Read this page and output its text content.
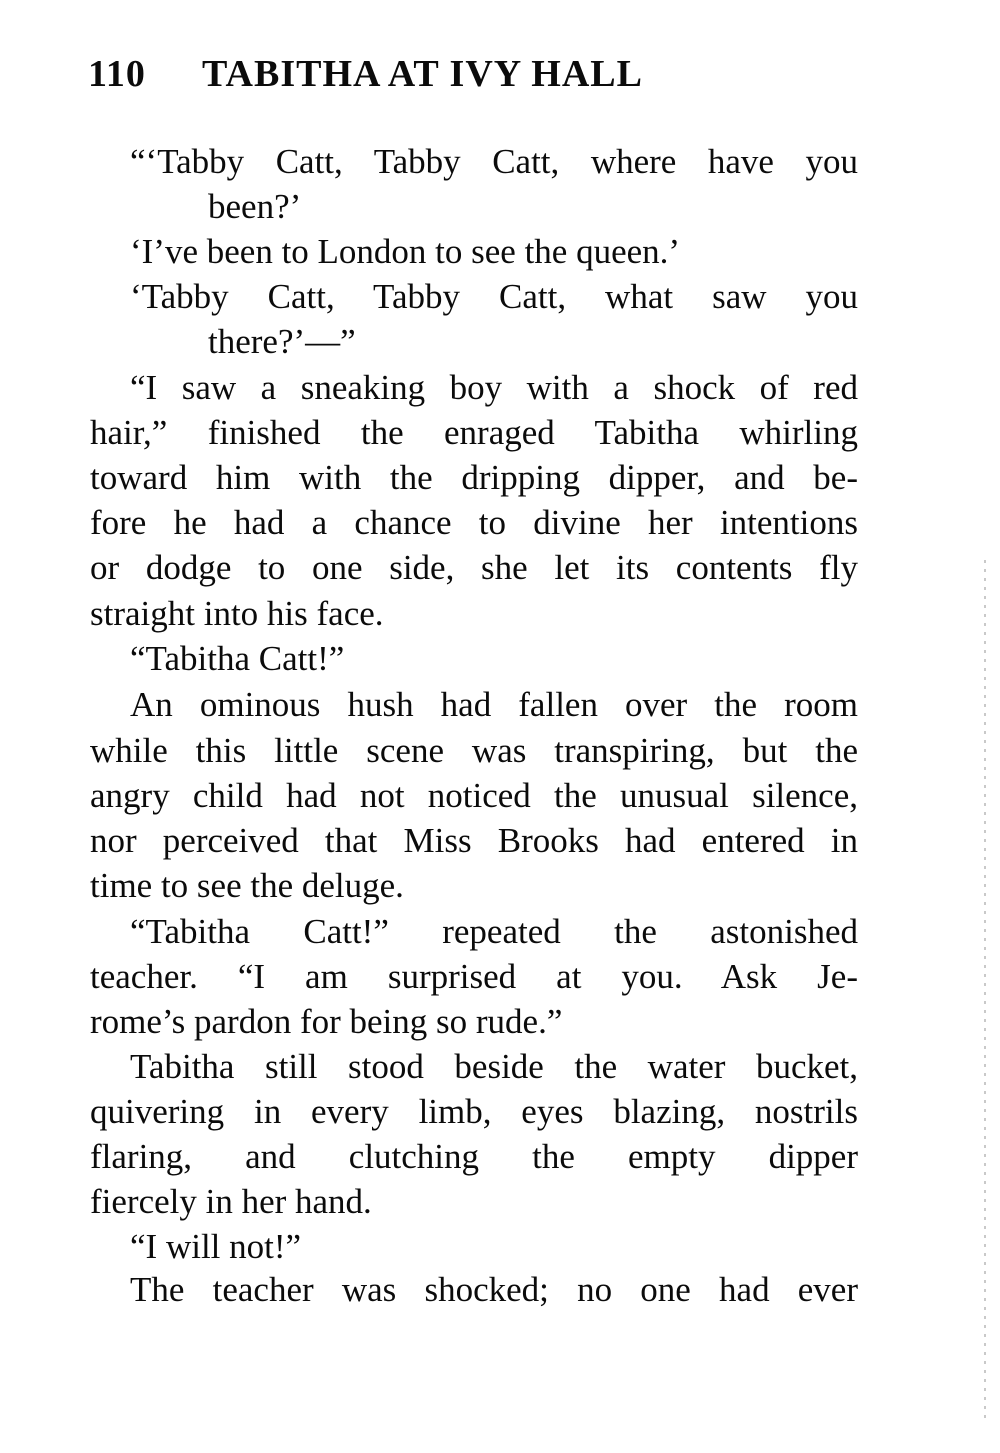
110 TABITHA AT IVY HALL
“‘Tabby Catt, Tabby Catt, where have you
been?’
‘I’ve been to London to see the queen.’
‘Tabby Catt, Tabby Catt, what saw you
there?’—”
“I saw a sneaking boy with a shock of red
hair,” finished the enraged Tabitha whirling
toward him with the dripping dipper, and be-
fore he had a chance to divine her intentions
or dodge to one side, she let its contents fly
straight into his face.
“Tabitha Catt!”
An ominous hush had fallen over the room
while this little scene was transpiring, but the
angry child had not noticed the unusual silence,
nor perceived that Miss Brooks had entered in
time to see the deluge.
“Tabitha Catt!” repeated the astonished
teacher. “I am surprised at you. Ask Je-
rome’s pardon for being so rude.”
Tabitha still stood beside the water bucket,
quivering in every limb, eyes blazing, nostrils
flaring, and clutching the empty dipper
fiercely in her hand.
“I will not!”
The teacher was shocked; no one had ever
